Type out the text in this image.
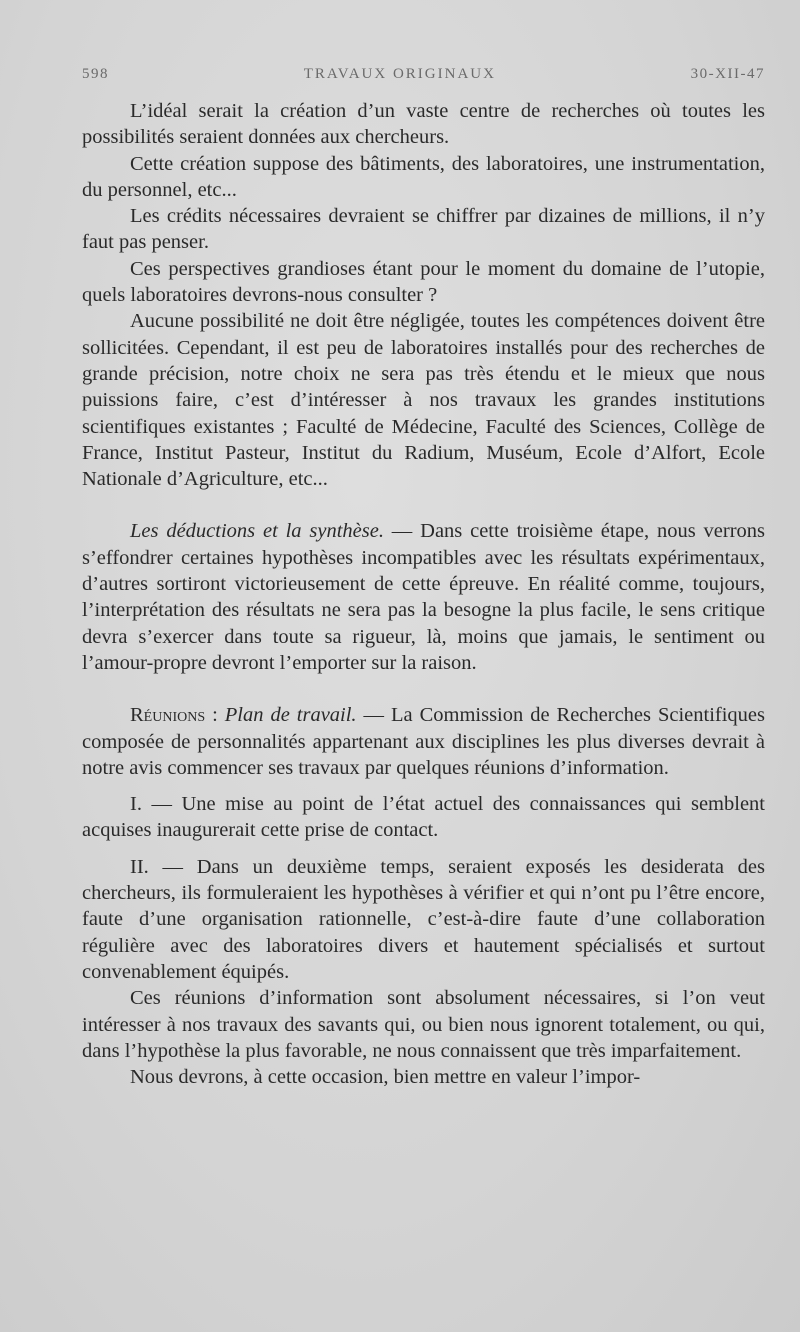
598	TRAVAUX ORIGINAUX	30-XII-47

L’idéal serait la création d’un vaste centre de recherches où toutes les possibilités seraient données aux chercheurs.

Cette création suppose des bâtiments, des laboratoires, une instrumentation, du personnel, etc...

Les crédits nécessaires devraient se chiffrer par dizaines de millions, il n’y faut pas penser.

Ces perspectives grandioses étant pour le moment du domaine de l’utopie, quels laboratoires devrons-nous consulter ?

Aucune possibilité ne doit être négligée, toutes les compétences doivent être sollicitées. Cependant, il est peu de laboratoires installés pour des recherches de grande précision, notre choix ne sera pas très étendu et le mieux que nous puissions faire, c’est d’intéresser à nos travaux les grandes institutions scientifiques existantes ; Faculté de Médecine, Faculté des Sciences, Collège de France, Institut Pasteur, Institut du Radium, Muséum, Ecole d’Alfort, Ecole Nationale d’Agriculture, etc...

Les déductions et la synthèse. — Dans cette troisième étape, nous verrons s’effondrer certaines hypothèses incompatibles avec les résultats expérimentaux, d’autres sortiront victorieusement de cette épreuve. En réalité comme, toujours, l’interprétation des résultats ne sera pas la besogne la plus facile, le sens critique devra s’exercer dans toute sa rigueur, là, moins que jamais, le sentiment ou l’amour-propre devront l’emporter sur la raison.

Réunions : Plan de travail. — La Commission de Recherches Scientifiques composée de personnalités appartenant aux disciplines les plus diverses devrait à notre avis commencer ses travaux par quelques réunions d’information.

I. — Une mise au point de l’état actuel des connaissances qui semblent acquises inaugurerait cette prise de contact.

II. — Dans un deuxième temps, seraient exposés les desiderata des chercheurs, ils formuleraient les hypothèses à vérifier et qui n’ont pu l’être encore, faute d’une organisation rationnelle, c’est-à-dire faute d’une collaboration régulière avec des laboratoires divers et hautement spécialisés et surtout convenablement équipés.

Ces réunions d’information sont absolument nécessaires, si l’on veut intéresser à nos travaux des savants qui, ou bien nous ignorent totalement, ou qui, dans l’hypothèse la plus favorable, ne nous connaissent que très imparfaitement.

Nous devrons, à cette occasion, bien mettre en valeur l’impor-
